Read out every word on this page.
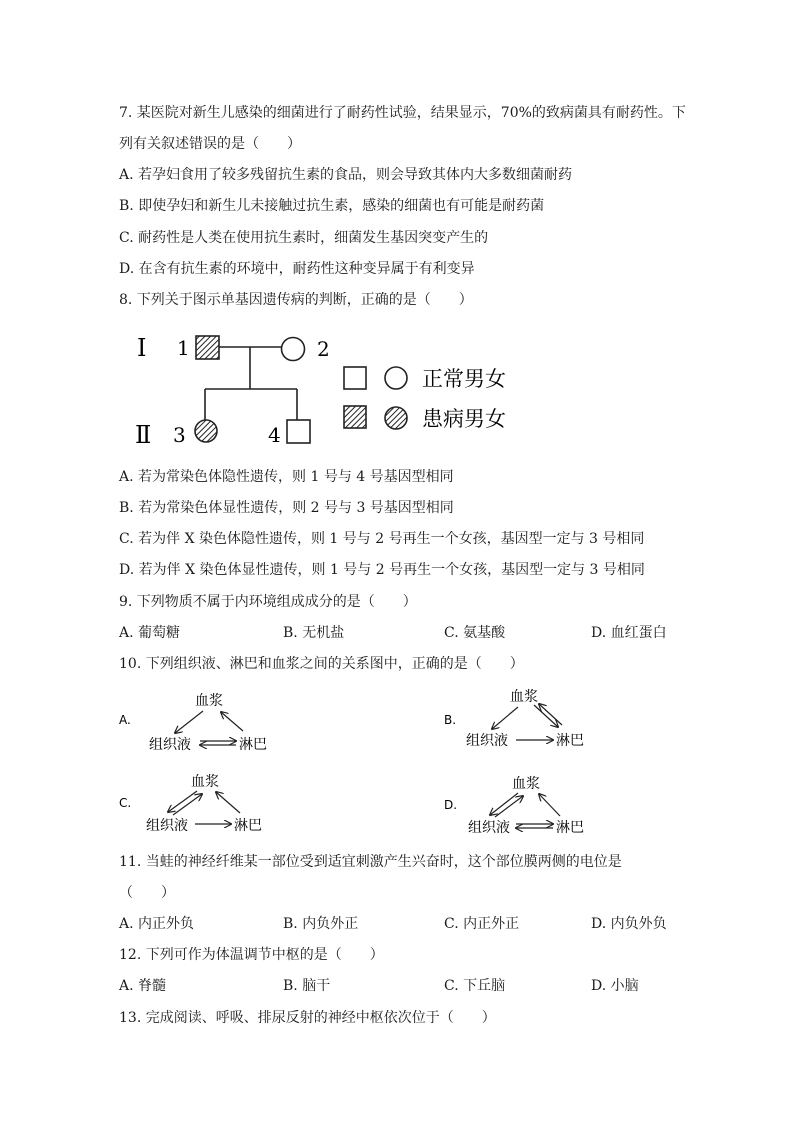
7. 某医院对新生儿感染的细菌进行了耐药性试验，结果显示，70%的致病菌具有耐药性。下
列有关叙述错误的是（　　）
A. 若孕妇食用了较多残留抗生素的食品，则会导致其体内大多数细菌耐药
B. 即使孕妇和新生儿未接触过抗生素，感染的细菌也有可能是耐药菌
C. 耐药性是人类在使用抗生素时，细菌发生基因突变产生的
D. 在含有抗生素的环境中，耐药性这种变异属于有利变异
8. 下列关于图示单基因遗传病的判断，正确的是（　　）
I
Ⅱ
1	2
3	4
正常男女
患病男女
A. 若为常染色体隐性遗传，则 1 号与 4 号基因型相同
B. 若为常染色体显性遗传，则 2 号与 3 号基因型相同
C. 若为伴 X 染色体隐性遗传，则 1 号与 2 号再生一个女孩，基因型一定与 3 号相同
D. 若为伴 X 染色体显性遗传，则 1 号与 2 号再生一个女孩，基因型一定与 3 号相同
9. 下列物质不属于内环境组成成分的是（　　）
A. 葡萄糖	B. 无机盐	C. 氨基酸	D. 血红蛋白
10. 下列组织液、淋巴和血浆之间的关系图中，正确的是（　　）
A.
血浆
组织液	淋巴
B.
血浆
组织液	淋巴
C.
血浆
组织液	淋巴
D.
血浆
组织液	淋巴
11. 当蛙的神经纤维某一部位受到适宜刺激产生兴奋时，这个部位膜两侧的电位是
（　　）
A. 内正外负	B. 内负外正	C. 内正外正	D. 内负外负
12. 下列可作为体温调节中枢的是（　　）
A. 脊髓	B. 脑干	C. 下丘脑	D. 小脑
13. 完成阅读、呼吸、排尿反射的神经中枢依次位于（　　）
